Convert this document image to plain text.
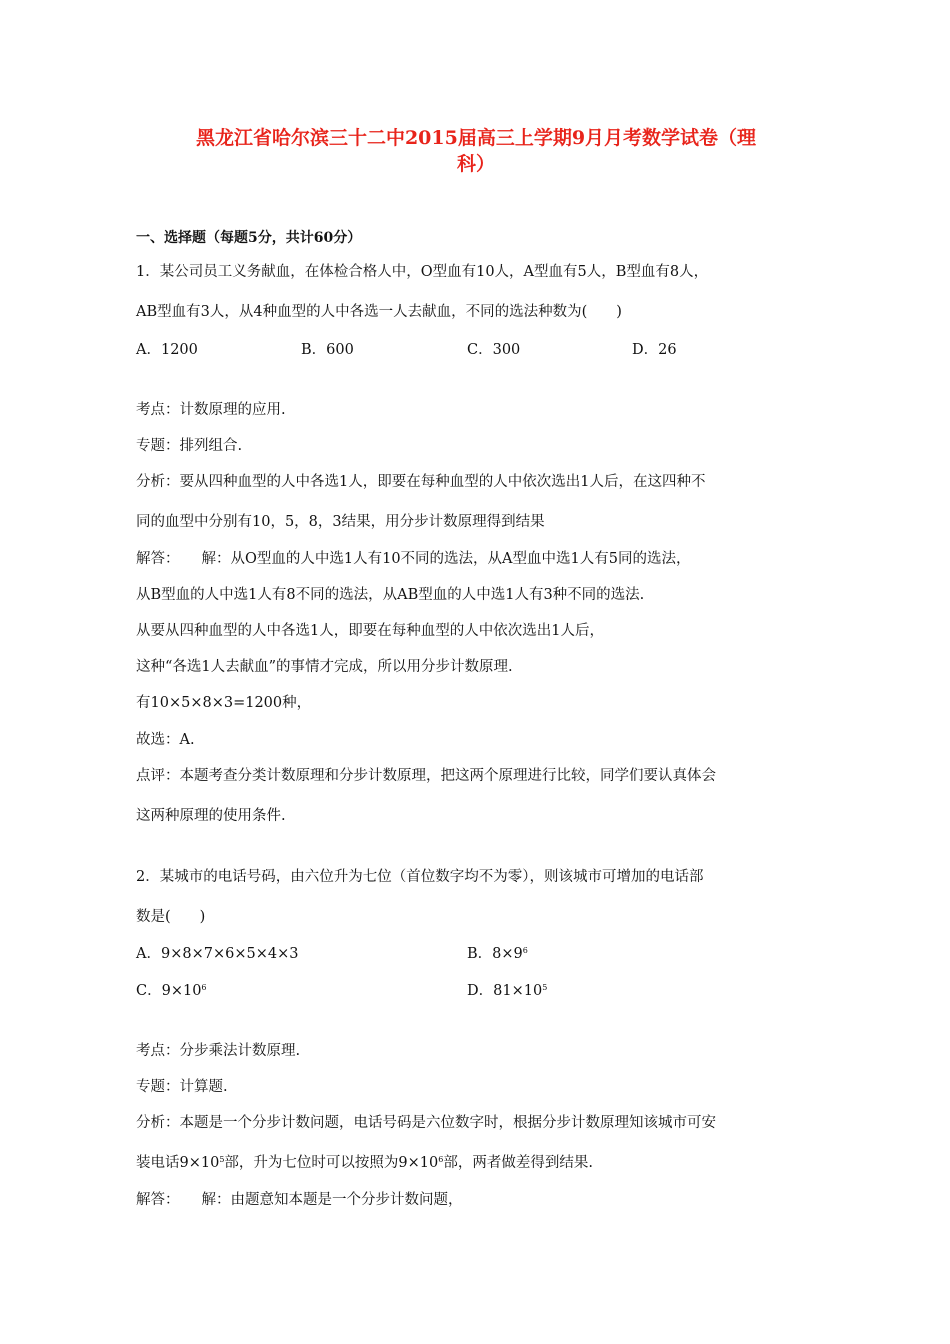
黑龙江省哈尔滨三十二中2015届高三上学期9月月考数学试卷（理
科）
一、选择题（每题5分，共计60分）
1．某公司员工义务献血，在体检合格人中，O型血有10人，A型血有5人，B型血有8人，
AB型血有3人，从4种血型的人中各选一人去献血，不同的选法种数为(　　)
A．1200	B．600	C．300	D．26
考点：计数原理的应用.
专题：排列组合.
分析：要从四种血型的人中各选1人，即要在每种血型的人中依次选出1人后，在这四种不
同的血型中分别有10，5，8，3结果，用分步计数原理得到结果
解答： 解：从O型血的人中选1人有10不同的选法，从A型血中选1人有5同的选法，
从B型血的人中选1人有8不同的选法，从AB型血的人中选1人有3种不同的选法.
从要从四种血型的人中各选1人，即要在每种血型的人中依次选出1人后，
这种“各选1人去献血”的事情才完成，所以用分步计数原理.
有10×5×8×3=1200种，
故选：A.
点评：本题考查分类计数原理和分步计数原理，把这两个原理进行比较，同学们要认真体会
这两种原理的使用条件.
2．某城市的电话号码，由六位升为七位（首位数字均不为零），则该城市可增加的电话部
数是(　　)
A．9×8×7×6×5×4×3	B．$8\times 9^6$
C．$9\times 10^6$	D．$81\times 10^5$
考点：分步乘法计数原理.
专题：计算题.
分析：本题是一个分步计数问题，电话号码是六位数字时，根据分步计数原理知该城市可安
装电话$9\times 10^5$部，升为七位时可以按照为$9\times 10^6$部，两者做差得到结果.
解答： 解：由题意知本题是一个分步计数问题，
